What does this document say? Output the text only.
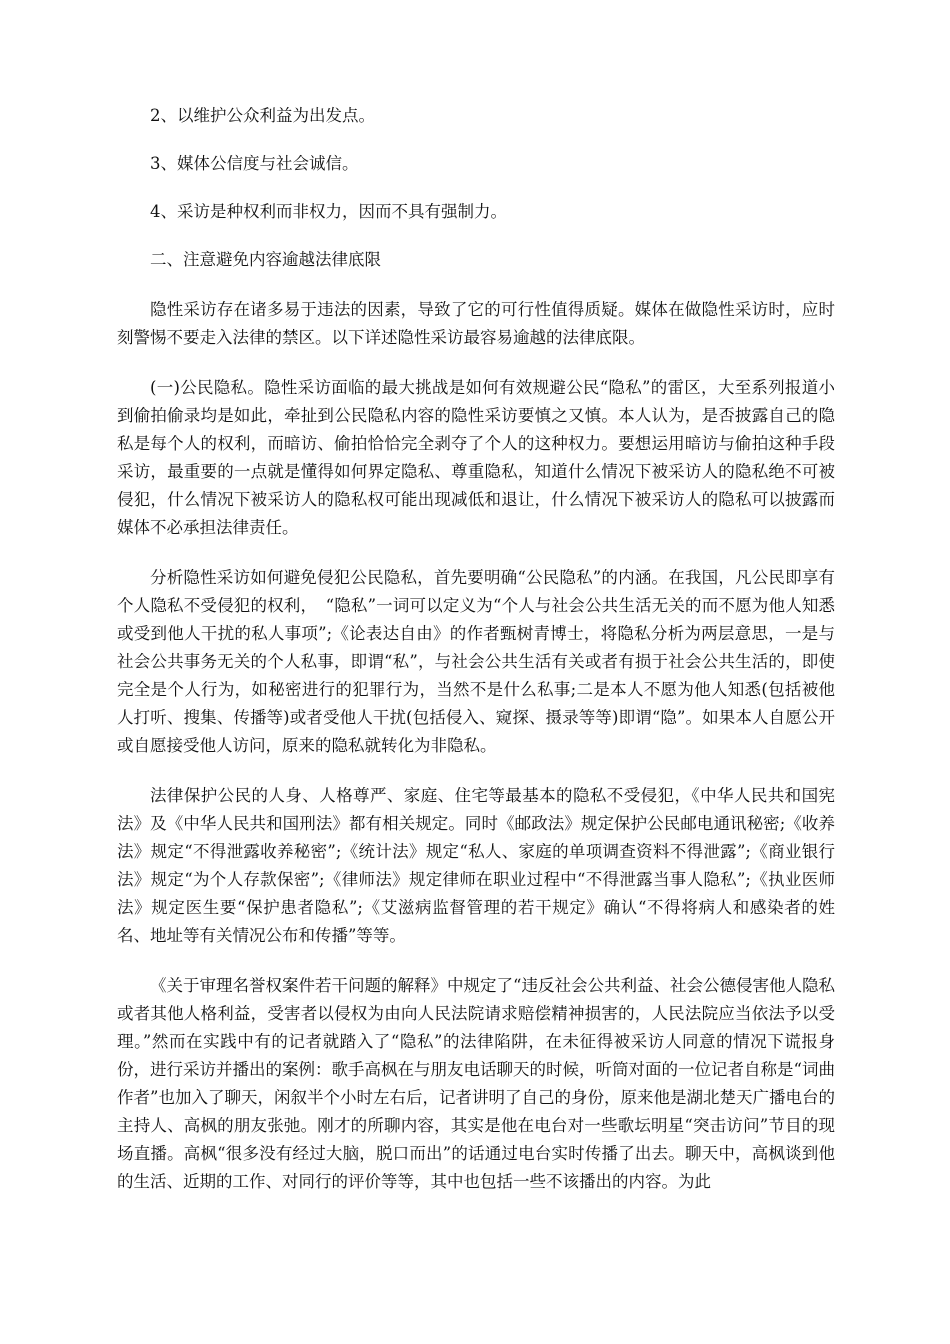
2、以维护公众利益为出发点。

3、媒体公信度与社会诚信。

4、采访是种权利而非权力，因而不具有强制力。

二、注意避免内容逾越法律底限

隐性采访存在诸多易于违法的因素，导致了它的可行性值得质疑。媒体在做隐性采访时，应时刻警惕不要走入法律的禁区。以下详述隐性采访最容易逾越的法律底限。

(一)公民隐私。隐性采访面临的最大挑战是如何有效规避公民“隐私”的雷区，大至系列报道小到偷拍偷录均是如此，牵扯到公民隐私内容的隐性采访要慎之又慎。本人认为，是否披露自己的隐私是每个人的权利，而暗访、偷拍恰恰完全剥夺了个人的这种权力。要想运用暗访与偷拍这种手段采访，最重要的一点就是懂得如何界定隐私、尊重隐私，知道什么情况下被采访人的隐私绝不可被侵犯，什么情况下被采访人的隐私权可能出现减低和退让，什么情况下被采访人的隐私可以披露而媒体不必承担法律责任。

分析隐性采访如何避免侵犯公民隐私，首先要明确“公民隐私”的内涵。在我国，凡公民即享有个人隐私不受侵犯的权利，　“隐私”一词可以定义为“个人与社会公共生活无关的而不愿为他人知悉或受到他人干扰的私人事项”;《论表达自由》的作者甄树青博士，将隐私分析为两层意思，一是与社会公共事务无关的个人私事，即谓“私”，与社会公共生活有关或者有损于社会公共生活的，即使完全是个人行为，如秘密进行的犯罪行为，当然不是什么私事;二是本人不愿为他人知悉(包括被他人打听、搜集、传播等)或者受他人干扰(包括侵入、窥探、摄录等等)即谓“隐”。如果本人自愿公开或自愿接受他人访问，原来的隐私就转化为非隐私。

法律保护公民的人身、人格尊严、家庭、住宅等最基本的隐私不受侵犯，《中华人民共和国宪法》及《中华人民共和国刑法》都有相关规定。同时《邮政法》规定保护公民邮电通讯秘密;《收养法》规定“不得泄露收养秘密”;《统计法》规定“私人、家庭的单项调查资料不得泄露”;《商业银行法》规定“为个人存款保密”;《律师法》规定律师在职业过程中“不得泄露当事人隐私”;《执业医师法》规定医生要“保护患者隐私”;《艾滋病监督管理的若干规定》确认“不得将病人和感染者的姓名、地址等有关情况公布和传播”等等。

《关于审理名誉权案件若干问题的解释》中规定了“违反社会公共利益、社会公德侵害他人隐私或者其他人格利益，受害者以侵权为由向人民法院请求赔偿精神损害的，人民法院应当依法予以受理。”然而在实践中有的记者就踏入了“隐私”的法律陷阱，在未征得被采访人同意的情况下谎报身份，进行采访并播出的案例：歌手高枫在与朋友电话聊天的时候，听筒对面的一位记者自称是“词曲作者”也加入了聊天，闲叙半个小时左右后，记者讲明了自己的身份，原来他是湖北楚天广播电台的主持人、高枫的朋友张弛。刚才的所聊内容，其实是他在电台对一些歌坛明星“突击访问”节目的现场直播。高枫“很多没有经过大脑，脱口而出”的话通过电台实时传播了出去。聊天中，高枫谈到他的生活、近期的工作、对同行的评价等等，其中也包括一些不该播出的内容。为此
